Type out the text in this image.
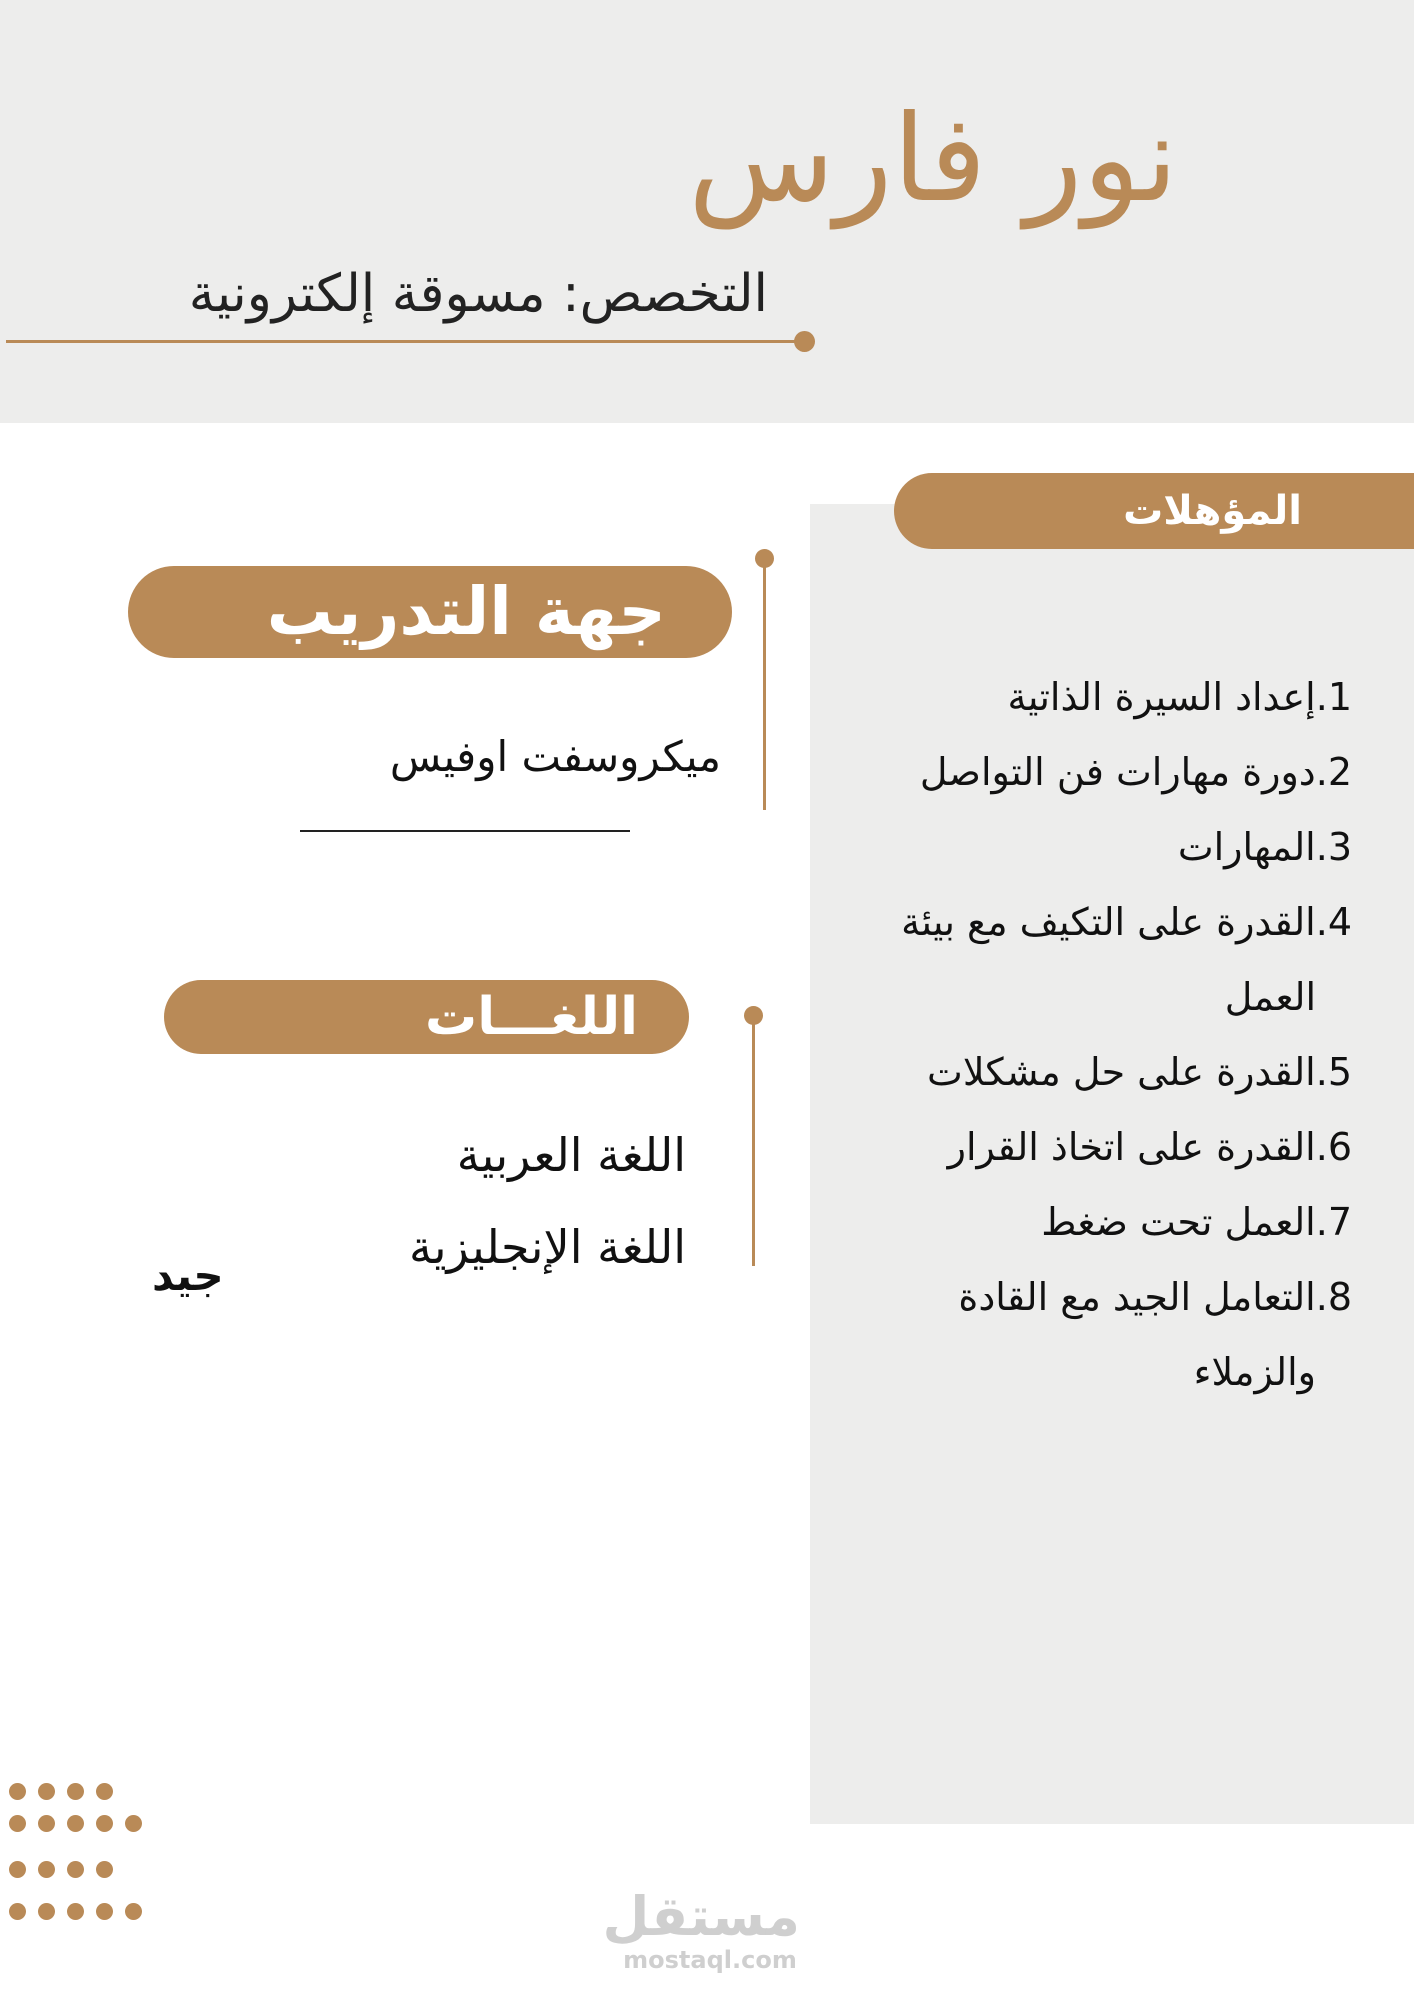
نور فارس
التخصص: مسوقة إلكترونية
المؤهلات
1.إعداد السيرة الذاتية
2.دورة مهارات فن التواصل
3.المهارات
4.القدرة على التكيف مع بيئة
العمل
5.القدرة على حل مشكلات
6.القدرة على اتخاذ القرار
7.العمل تحت ضغط
8.التعامل الجيد مع القادة
والزملاء
جهة التدريب
ميكروسفت اوفيس
اللغـــات
اللغة العربية
اللغة الإنجليزية
جيد
مستقل
mostaql.com
